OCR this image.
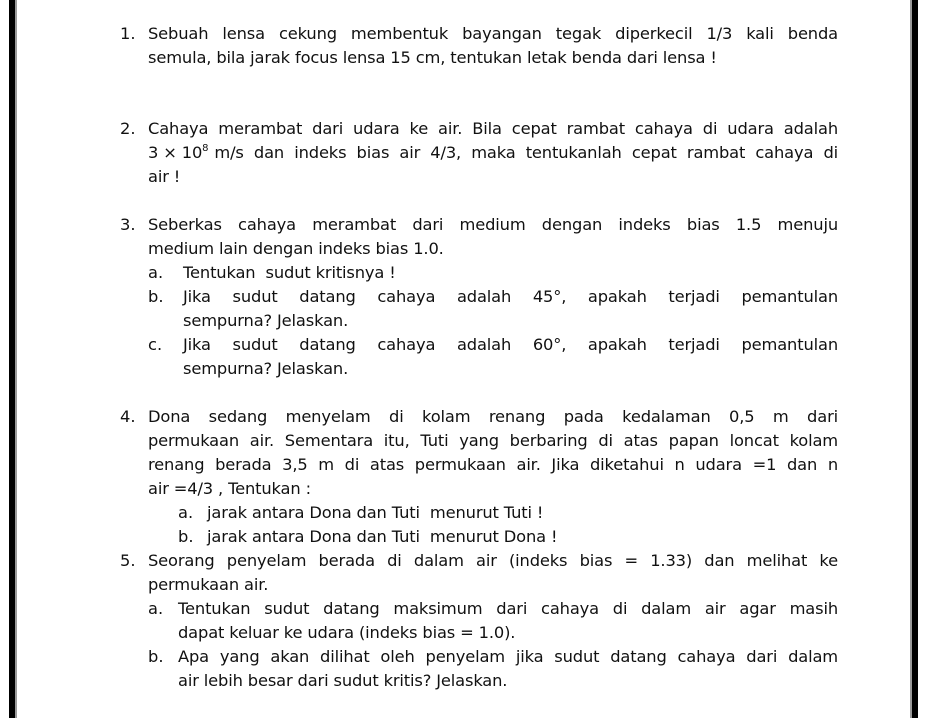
1. Sebuah lensa cekung membentuk bayangan tegak diperkecil 1/3 kali benda
semula, bila jarak focus lensa 15 cm, tentukan letak benda dari lensa !
2. Cahaya merambat dari udara ke air. Bila cepat rambat cahaya di udara adalah
$3 \times 10^8$ m/s dan indeks bias air 4/3, maka tentukanlah cepat rambat cahaya di
air !
3. Seberkas cahaya merambat dari medium dengan indeks bias 1.5 menuju
medium lain dengan indeks bias 1.0.
a. Tentukan  sudut kritisnya !
b. Jika sudut datang cahaya adalah 45°, apakah terjadi pemantulan
sempurna? Jelaskan.
c. Jika sudut datang cahaya adalah 60°, apakah terjadi pemantulan
sempurna? Jelaskan.
4. Dona sedang menyelam di kolam renang pada kedalaman 0,5 m dari
permukaan air. Sementara itu, Tuti yang berbaring di atas papan loncat kolam
renang berada 3,5 m di atas permukaan air. Jika diketahui n udara =1 dan n
air =4/3 , Tentukan :
a. jarak antara Dona dan Tuti  menurut Tuti !
b. jarak antara Dona dan Tuti  menurut Dona !
5. Seorang penyelam berada di dalam air (indeks bias = 1.33) dan melihat ke
permukaan air.
a. Tentukan sudut datang maksimum dari cahaya di dalam air agar masih
dapat keluar ke udara (indeks bias = 1.0).
b. Apa yang akan dilihat oleh penyelam jika sudut datang cahaya dari dalam
air lebih besar dari sudut kritis? Jelaskan.
